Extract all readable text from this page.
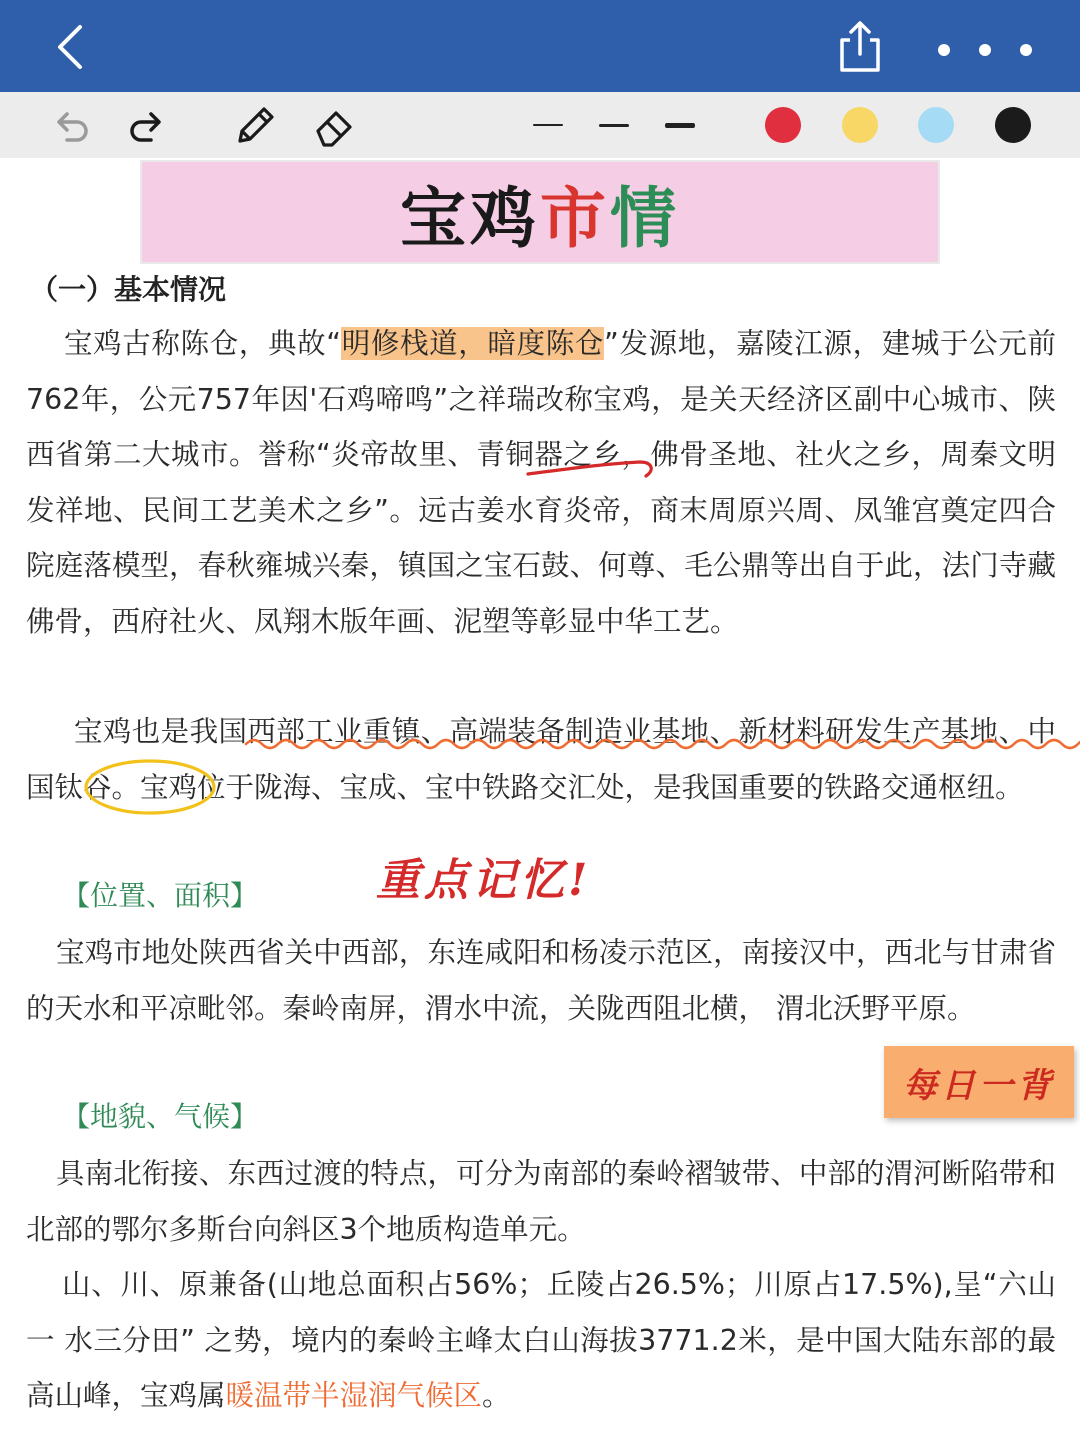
宝鸡 市 情
（一）基本情况
宝鸡古称陈仓，典故“明修栈道，暗度陈仓”发源地，嘉陵江源，建城于公元前762年，公元757年因'石鸡啼鸣”之祥瑞改称宝鸡，是关天经济区副中心城市、陕西省第二大城市。誉称“炎帝故里、青铜器之乡，佛骨圣地、社火之乡，周秦文明发祥地、民间工艺美术之乡”。远古姜水育炎帝，商末周原兴周、凤雏宫奠定四合院庭落模型，春秋雍城兴秦，镇国之宝石鼓、何尊、毛公鼎等出自于此，法门寺藏佛骨，西府社火、凤翔木版年画、泥塑等彰显中华工艺。
宝鸡也是我国西部工业重镇、高端装备制造业基地、新材料研发生产基地、中国钛谷。宝鸡位于陇海、宝成、宝中铁路交汇处，是我国重要的铁路交通枢纽。
重点记忆!
【位置、面积】
宝鸡市地处陕西省关中西部，东连咸阳和杨凌示范区，南接汉中，西北与甘肃省的天水和平凉毗邻。秦岭南屏，渭水中流，关陇西阻北横， 渭北沃野平原。
每日一背
【地貌、气候】
具南北衔接、东西过渡的特点，可分为南部的秦岭褶皱带、中部的渭河断陷带和北部的鄂尔多斯台向斜区3个地质构造单元。
山、川、原兼备(山地总面积占56%；丘陵占26.5%；川原占17.5%),呈“六山一 水三分田” 之势，境内的秦岭主峰太白山海拔3771.2米，是中国大陆东部的最高山峰，宝鸡属暖温带半湿润气候区。
